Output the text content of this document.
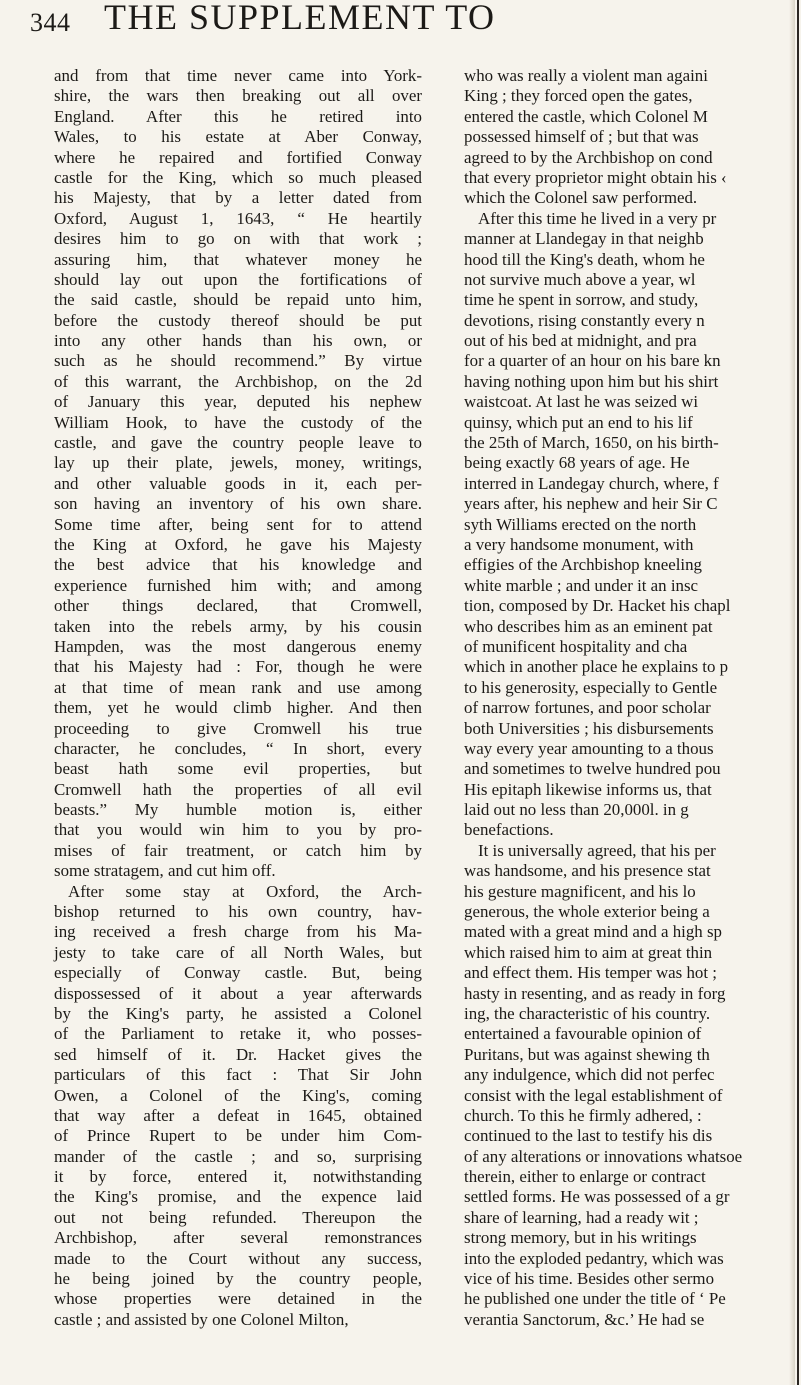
344 THE SUPPLEMENT TO
and from that time never came into York-
shire, the wars then breaking out all over
England. After this he retired into
Wales, to his estate at Aber Conway,
where he repaired and fortified Conway
castle for the King, which so much pleased
his Majesty, that by a letter dated from
Oxford, August 1, 1643, “ He heartily
desires him to go on with that work ;
assuring him, that whatever money he
should lay out upon the fortifications of
the said castle, should be repaid unto him,
before the custody thereof should be put
into any other hands than his own, or
such as he should recommend.” By virtue
of this warrant, the Archbishop, on the 2d
of January this year, deputed his nephew
William Hook, to have the custody of the
castle, and gave the country people leave to
lay up their plate, jewels, money, writings,
and other valuable goods in it, each per-
son having an inventory of his own share.
Some time after, being sent for to attend
the King at Oxford, he gave his Majesty
the best advice that his knowledge and
experience furnished him with; and among
other things declared, that Cromwell,
taken into the rebels army, by his cousin
Hampden, was the most dangerous enemy
that his Majesty had : For, though he were
at that time of mean rank and use among
them, yet he would climb higher. And then
proceeding to give Cromwell his true
character, he concludes, “ In short, every
beast hath some evil properties, but
Cromwell hath the properties of all evil
beasts.” My humble motion is, either
that you would win him to you by pro-
mises of fair treatment, or catch him by
some stratagem, and cut him off.
After some stay at Oxford, the Arch-
bishop returned to his own country, hav-
ing received a fresh charge from his Ma-
jesty to take care of all North Wales, but
especially of Conway castle. But, being
dispossessed of it about a year afterwards
by the King's party, he assisted a Colonel
of the Parliament to retake it, who posses-
sed himself of it. Dr. Hacket gives the
particulars of this fact : That Sir John
Owen, a Colonel of the King's, coming
that way after a defeat in 1645, obtained
of Prince Rupert to be under him Com-
mander of the castle ; and so, surprising
it by force, entered it, notwithstanding
the King's promise, and the expence laid
out not being refunded. Thereupon the
Archbishop, after several remonstrances
made to the Court without any success,
he being joined by the country people,
whose properties were detained in the
castle ; and assisted by one Colonel Milton,
who was really a violent man againi
King ; they forced open the gates,
entered the castle, which Colonel M
possessed himself of ; but that was
agreed to by the Archbishop on cond
that every proprietor might obtain his ‹
which the Colonel saw performed.
After this time he lived in a very pr
manner at Llandegay in that neighb
hood till the King's death, whom he
not survive much above a year, wl
time he spent in sorrow, and study,
devotions, rising constantly every n
out of his bed at midnight, and pra
for a quarter of an hour on his bare kn
having nothing upon him but his shirt
waistcoat. At last he was seized wi
quinsy, which put an end to his lif
the 25th of March, 1650, on his birth-
being exactly 68 years of age. He
interred in Landegay church, where, f
years after, his nephew and heir Sir C
syth Williams erected on the north
a very handsome monument, with
effigies of the Archbishop kneeling
white marble ; and under it an insc
tion, composed by Dr. Hacket his chapl
who describes him as an eminent pat
of munificent hospitality and cha
which in another place he explains to p
to his generosity, especially to Gentle
of narrow fortunes, and poor scholar
both Universities ; his disbursements
way every year amounting to a thous
and sometimes to twelve hundred pou
His epitaph likewise informs us, that
laid out no less than 20,000l. in g
benefactions.
It is universally agreed, that his per
was handsome, and his presence stat
his gesture magnificent, and his lo
generous, the whole exterior being a
mated with a great mind and a high sp
which raised him to aim at great thin
and effect them. His temper was hot ;
hasty in resenting, and as ready in forg
ing, the characteristic of his country.
entertained a favourable opinion of
Puritans, but was against shewing th
any indulgence, which did not perfec
consist with the legal establishment of
church. To this he firmly adhered, :
continued to the last to testify his dis
of any alterations or innovations whatsoe
therein, either to enlarge or contract
settled forms. He was possessed of a gr
share of learning, had a ready wit ;
strong memory, but in his writings
into the exploded pedantry, which was
vice of his time. Besides other sermo
he published one under the title of ‘ Pe
verantia Sanctorum, &c.’ He had se
